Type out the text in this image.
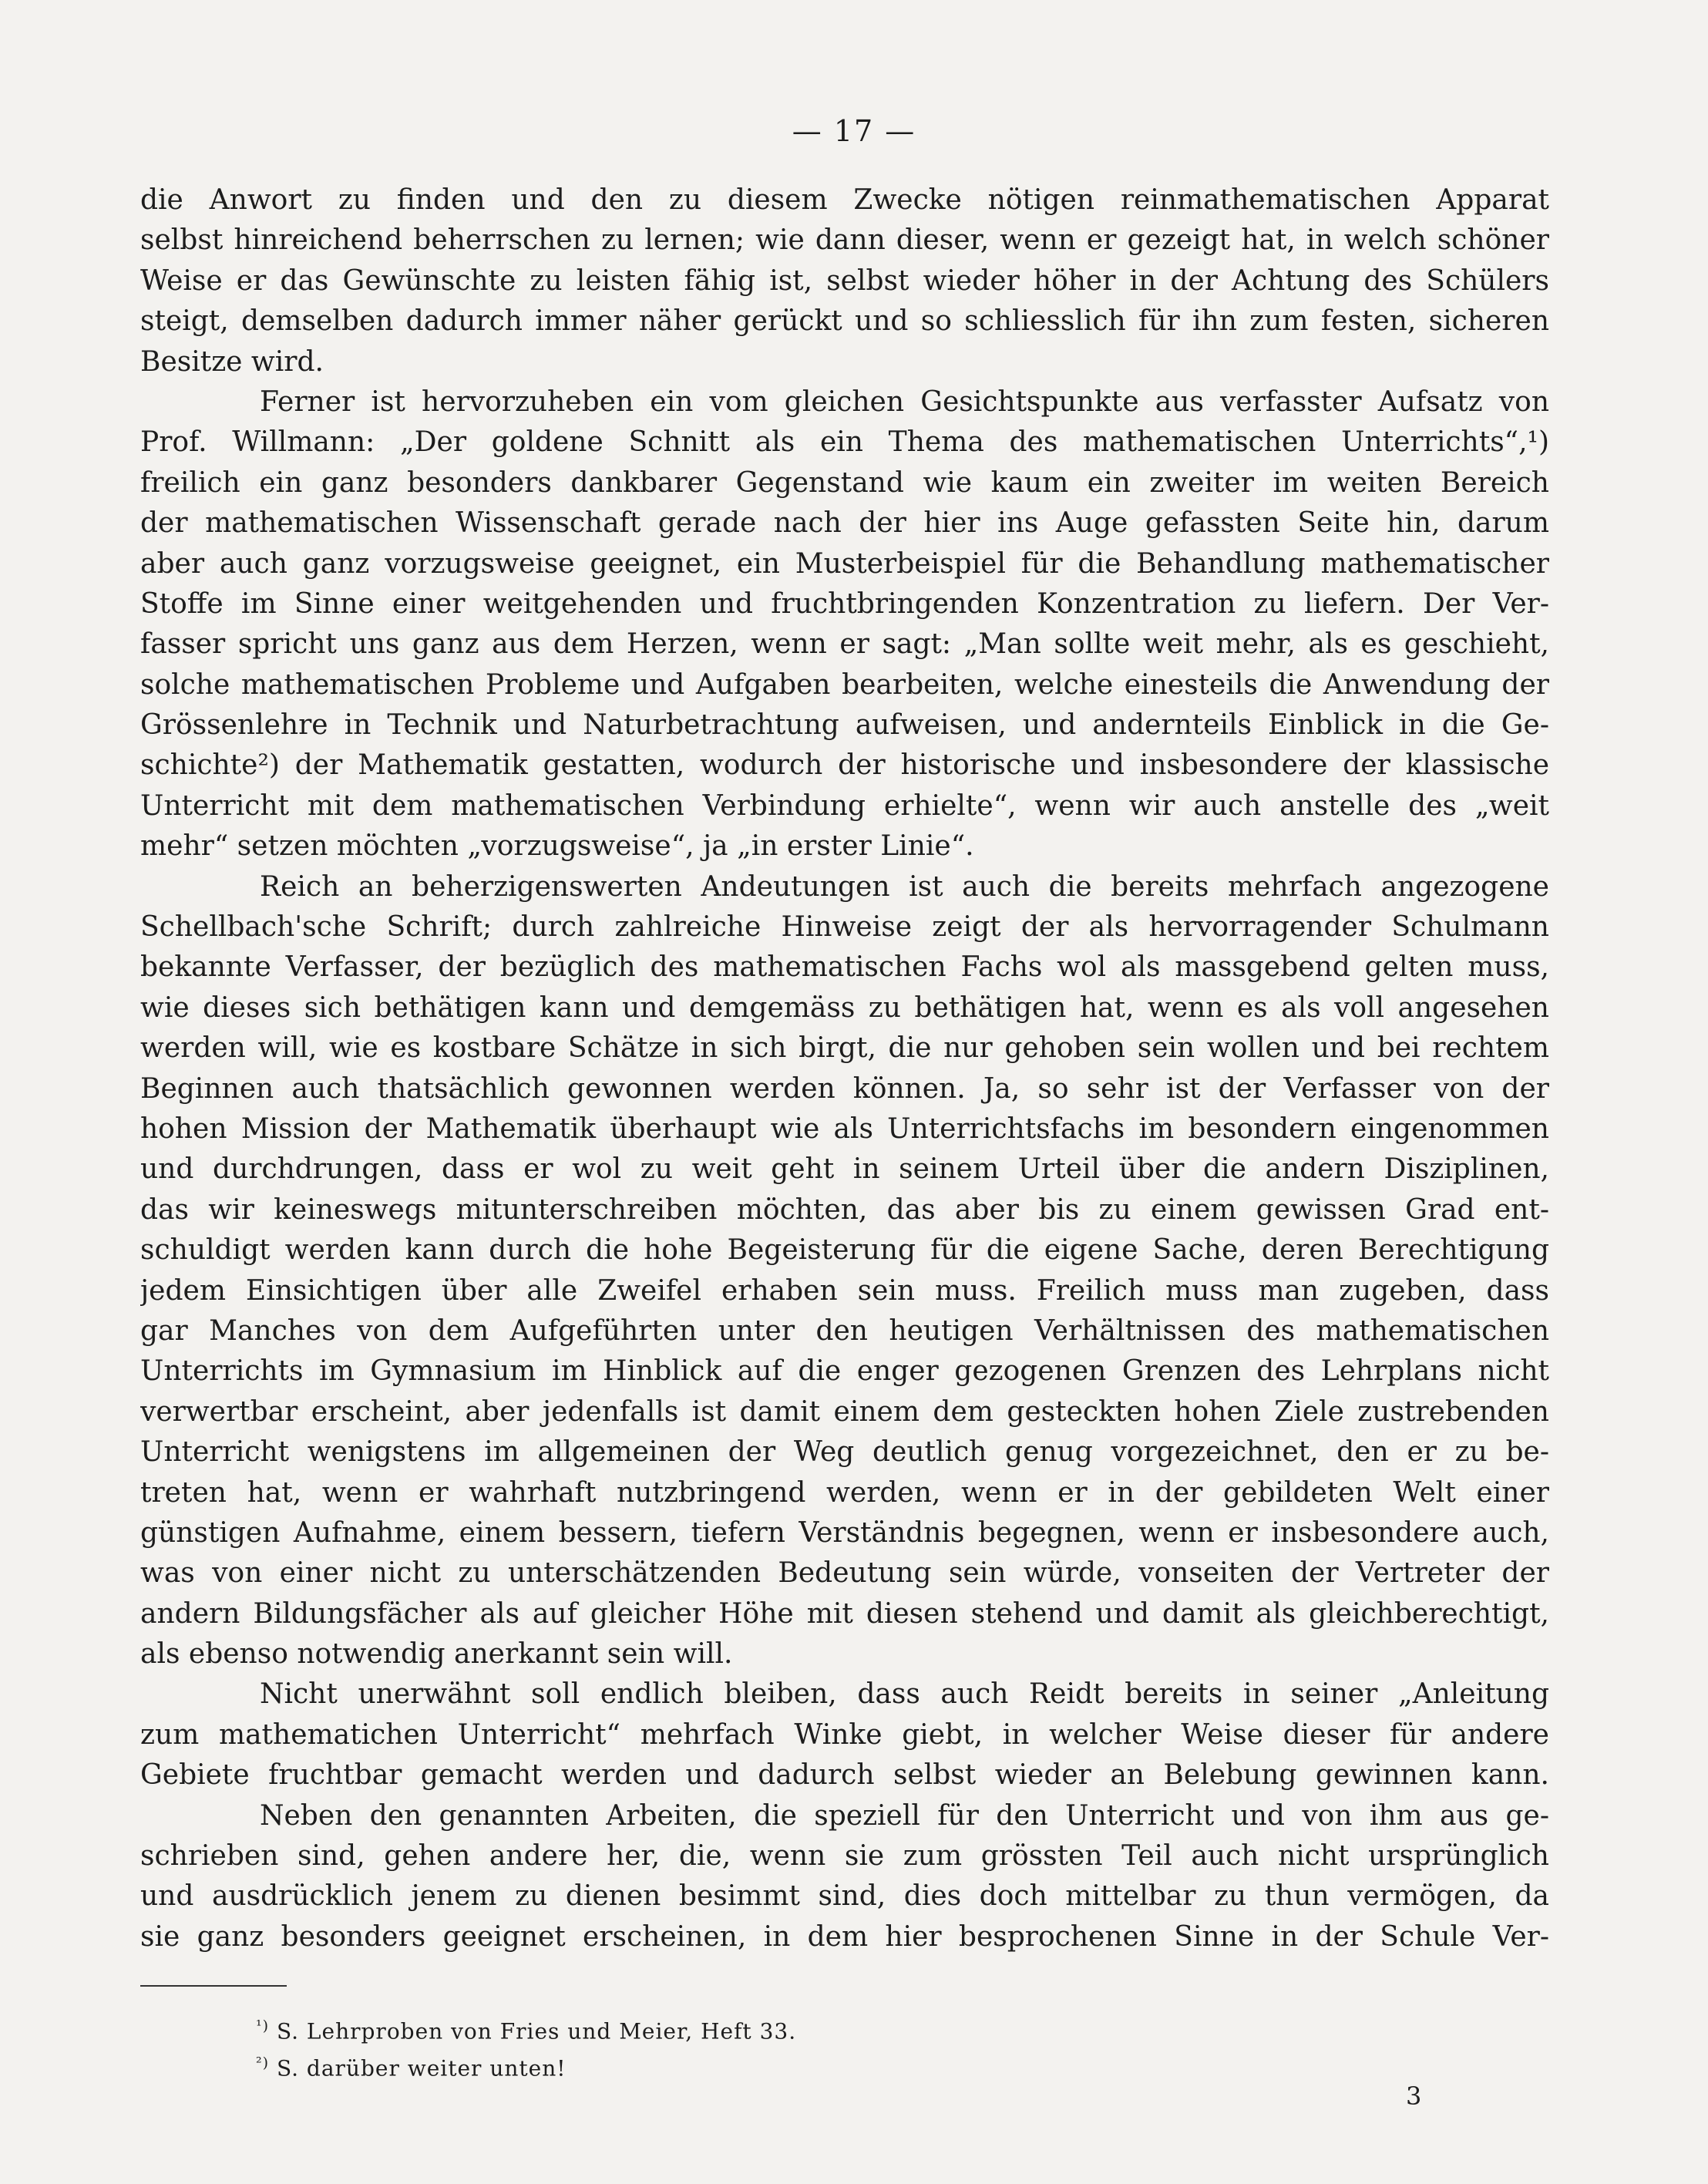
— 17 —
die Anwort zu finden und den zu diesem Zwecke nötigen reinmathematischen Apparat
selbst hinreichend beherrschen zu lernen; wie dann dieser, wenn er gezeigt hat, in welch schöner
Weise er das Gewünschte zu leisten fähig ist, selbst wieder höher in der Achtung des Schülers
steigt, demselben dadurch immer näher gerückt und so schliesslich für ihn zum festen, sicheren
Besitze wird.
Ferner ist hervorzuheben ein vom gleichen Gesichtspunkte aus verfasster Aufsatz von
Prof. Willmann: „Der goldene Schnitt als ein Thema des mathematischen Unterrichts“,¹)
freilich ein ganz besonders dankbarer Gegenstand wie kaum ein zweiter im weiten Bereich
der mathematischen Wissenschaft gerade nach der hier ins Auge gefassten Seite hin, darum
aber auch ganz vorzugsweise geeignet, ein Musterbeispiel für die Behandlung mathematischer
Stoffe im Sinne einer weitgehenden und fruchtbringenden Konzentration zu liefern. Der Ver-
fasser spricht uns ganz aus dem Herzen, wenn er sagt: „Man sollte weit mehr, als es geschieht,
solche mathematischen Probleme und Aufgaben bearbeiten, welche einesteils die Anwendung der
Grössenlehre in Technik und Naturbetrachtung aufweisen, und andernteils Einblick in die Ge-
schichte²) der Mathematik gestatten, wodurch der historische und insbesondere der klassische
Unterricht mit dem mathematischen Verbindung erhielte“, wenn wir auch anstelle des „weit
mehr“ setzen möchten „vorzugsweise“, ja „in erster Linie“.
Reich an beherzigenswerten Andeutungen ist auch die bereits mehrfach angezogene
Schellbach'sche Schrift; durch zahlreiche Hinweise zeigt der als hervorragender Schulmann
bekannte Verfasser, der bezüglich des mathematischen Fachs wol als massgebend gelten muss,
wie dieses sich bethätigen kann und demgemäss zu bethätigen hat, wenn es als voll angesehen
werden will, wie es kostbare Schätze in sich birgt, die nur gehoben sein wollen und bei rechtem
Beginnen auch thatsächlich gewonnen werden können. Ja, so sehr ist der Verfasser von der
hohen Mission der Mathematik überhaupt wie als Unterrichtsfachs im besondern eingenommen
und durchdrungen, dass er wol zu weit geht in seinem Urteil über die andern Disziplinen,
das wir keineswegs mitunterschreiben möchten, das aber bis zu einem gewissen Grad ent-
schuldigt werden kann durch die hohe Begeisterung für die eigene Sache, deren Berechtigung
jedem Einsichtigen über alle Zweifel erhaben sein muss. Freilich muss man zugeben, dass
gar Manches von dem Aufgeführten unter den heutigen Verhältnissen des mathematischen
Unterrichts im Gymnasium im Hinblick auf die enger gezogenen Grenzen des Lehrplans nicht
verwertbar erscheint, aber jedenfalls ist damit einem dem gesteckten hohen Ziele zustrebenden
Unterricht wenigstens im allgemeinen der Weg deutlich genug vorgezeichnet, den er zu be-
treten hat, wenn er wahrhaft nutzbringend werden, wenn er in der gebildeten Welt einer
günstigen Aufnahme, einem bessern, tiefern Verständnis begegnen, wenn er insbesondere auch,
was von einer nicht zu unterschätzenden Bedeutung sein würde, vonseiten der Vertreter der
andern Bildungsfächer als auf gleicher Höhe mit diesen stehend und damit als gleichberechtigt,
als ebenso notwendig anerkannt sein will.
Nicht unerwähnt soll endlich bleiben, dass auch Reidt bereits in seiner „Anleitung
zum mathematichen Unterricht“ mehrfach Winke giebt, in welcher Weise dieser für andere
Gebiete fruchtbar gemacht werden und dadurch selbst wieder an Belebung gewinnen kann.
Neben den genannten Arbeiten, die speziell für den Unterricht und von ihm aus ge-
schrieben sind, gehen andere her, die, wenn sie zum grössten Teil auch nicht ursprünglich
und ausdrücklich jenem zu dienen besimmt sind, dies doch mittelbar zu thun vermögen, da
sie ganz besonders geeignet erscheinen, in dem hier besprochenen Sinne in der Schule Ver-
$^{^1)}$ S. Lehrproben von Fries und Meier, Heft 33.
$^{^2)}$ S. darüber weiter unten!
3
